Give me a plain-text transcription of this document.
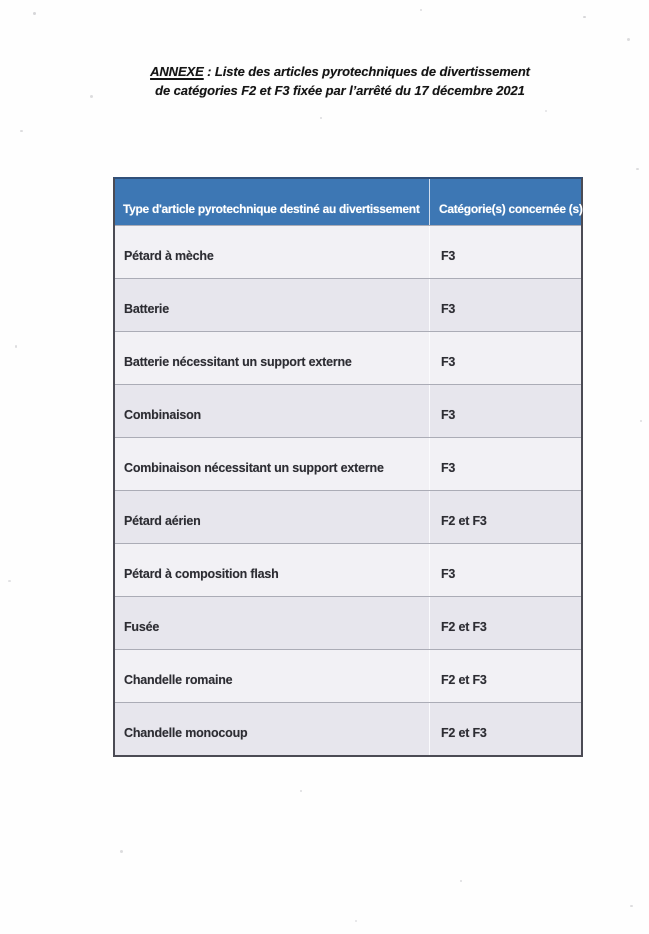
ANNEXE : Liste des articles pyrotechniques de divertissement
de catégories F2 et F3 fixée par l’arrêté du 17 décembre 2021
Type d'article pyrotechnique destiné au divertissement	Catégorie(s) concernée (s)
Pétard à mèche	F3
Batterie	F3
Batterie nécessitant un support externe	F3
Combinaison	F3
Combinaison nécessitant un support externe	F3
Pétard aérien	F2 et F3
Pétard à composition flash	F3
Fusée	F2 et F3
Chandelle romaine	F2 et F3
Chandelle monocoup	F2 et F3
